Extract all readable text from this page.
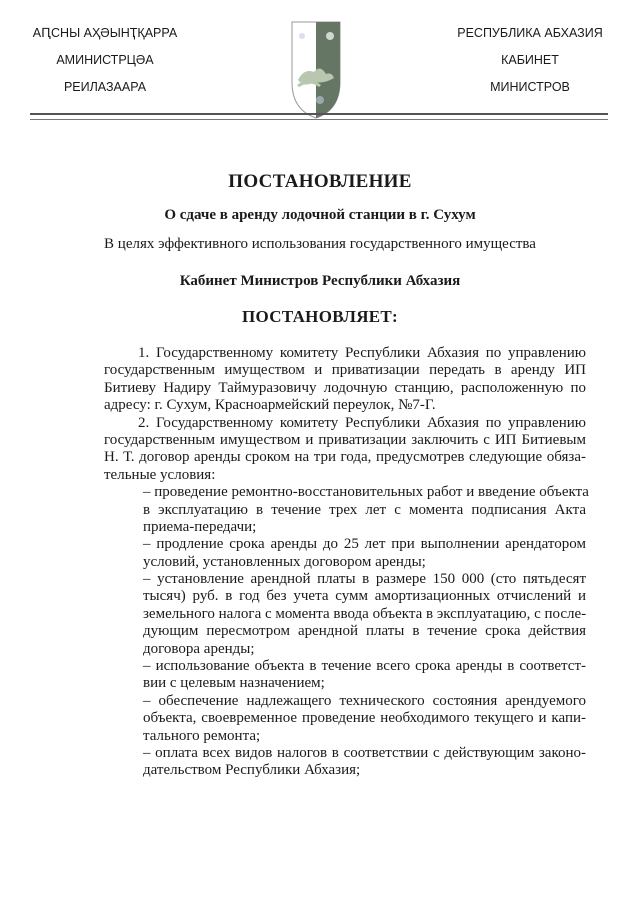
АԤСНЫ АҲӘЫНҬҚАРРА
АМИНИСТРЦӘА
РЕИЛАЗААРА
РЕСПУБЛИКА АБХАЗИЯ
КАБИНЕТ
МИНИСТРОВ
ПОСТАНОВЛЕНИЕ
О сдаче в аренду лодочной станции в г. Сухум
В целях эффективного использования государственного имущества
Кабинет Министров Республики Абхазия
ПОСТАНОВЛЯЕТ:
1. Государственному комитету Республики Абхазия по управлению
государственным имуществом и приватизации передать в аренду ИП
Битиеву Надиру Таймуразовичу лодочную станцию, расположенную по
адресу: г. Сухум, Красноармейский переулок, №7-Г.
2. Государственному комитету Республики Абхазия по управлению
государственным имуществом и приватизации заключить с ИП Битиевым
Н. Т. договор аренды сроком на три года, предусмотрев следующие обяза-
тельные условия:
– проведение ремонтно-восстановительных работ и введение объекта
в эксплуатацию в течение трех лет с момента подписания Акта
приема-передачи;
– продление срока аренды до 25 лет при выполнении арендатором
условий, установленных договором аренды;
– установление арендной платы в размере 150 000 (сто пятьдесят
тысяч) руб. в год без учета сумм амортизационных отчислений и
земельного налога с момента ввода объекта в эксплуатацию, с после-
дующим пересмотром арендной платы в течение срока действия
договора аренды;
– использование объекта в течение всего срока аренды в соответст-
вии с целевым назначением;
– обеспечение надлежащего технического состояния арендуемого
объекта, своевременное проведение необходимого текущего и капи-
тального ремонта;
– оплата всех видов налогов в соответствии с действующим законо-
дательством Республики Абхазия;
